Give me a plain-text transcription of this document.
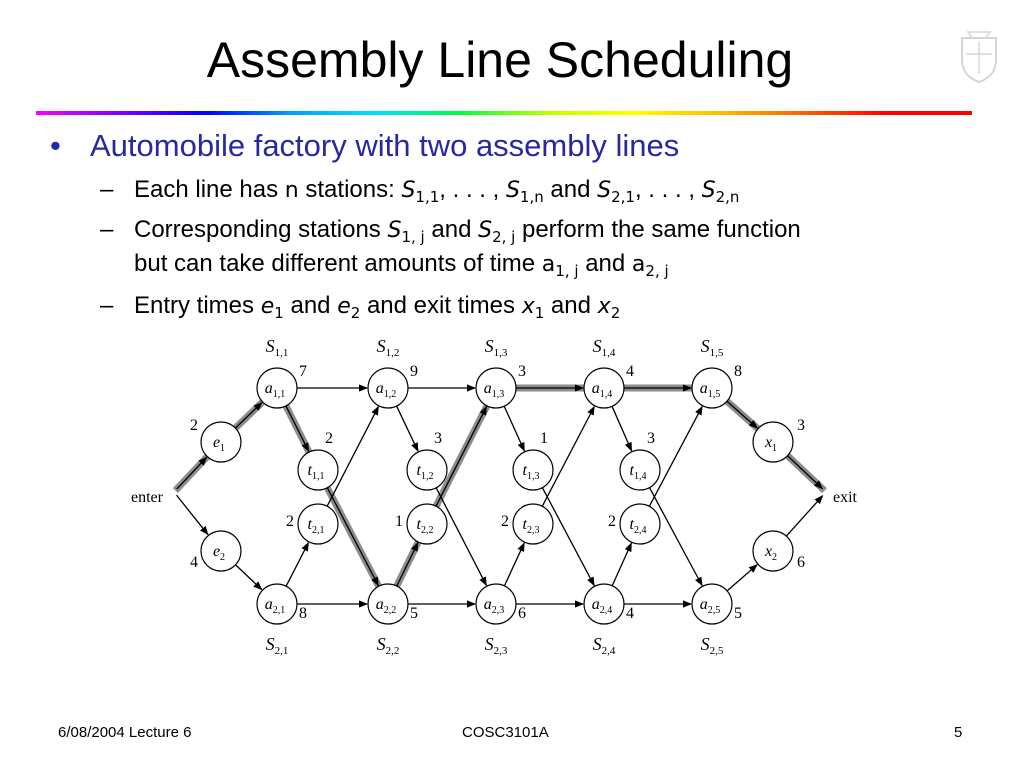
Assembly Line Scheduling
• Automobile factory with two assembly lines
– Each line has n stations: $S_{1,1}$, . . . , $S_{1,n}$ and $S_{2,1}$, . . . , $S_{2,n}$
– Corresponding stations $S_{1, j}$ and $S_{2, j}$ perform the same function
but can take different amounts of time $a_{1, j}$ and $a_{2, j}$
– Entry times $e_1$ and $e_2$ and exit times $x_1$ and $x_2$
$a_{1,1}$	$a_{1,2}$	$a_{1,3}$	$a_{1,4}$	$a_{1,5}$
$a_{2,1}$	$a_{2,2}$	$a_{2,3}$	$a_{2,4}$	$a_{2,5}$
$t_{1,1}$	$t_{1,2}$	$t_{1,3}$	$t_{1,4}$
$t_{2,1}$	$t_{2,2}$	$t_{2,3}$	$t_{2,4}$
$e_1$
$e_2$
$x_1$
$x_2$
$S_{1,1}$
7
$S_{1,2}$
9
$S_{1,3}$
3
$S_{1,4}$
4
$S_{1,5}$
8
$S_{2,1}$
8
$S_{2,2}$
5
$S_{2,3}$
6
$S_{2,4}$
4
$S_{2,5}$
5
2	3	1	3
2	1	2	2
2
4
3
6
enter	exit
6/08/2004 Lecture 6	COSC3101A	5
